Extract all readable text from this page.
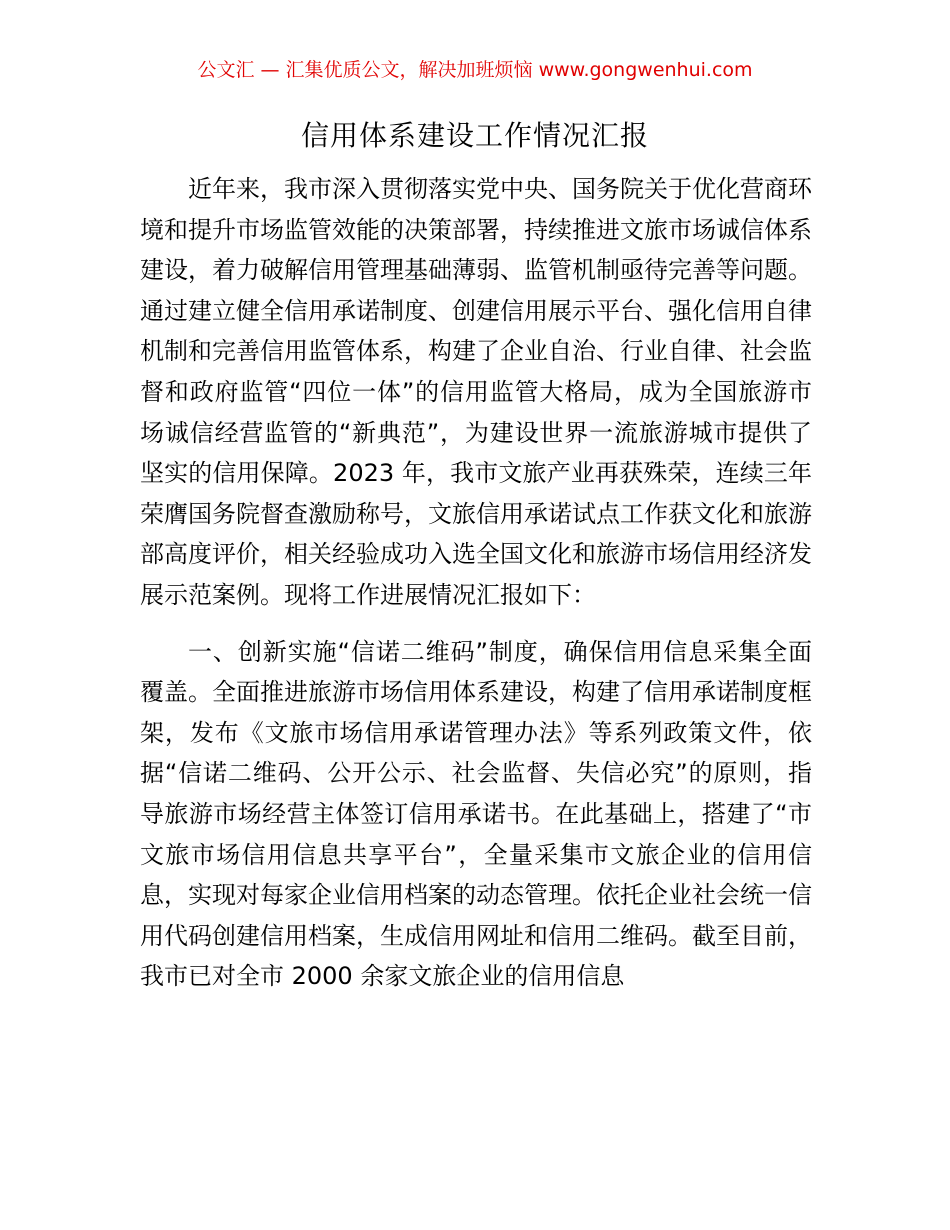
公文汇 — 汇集优质公文，解决加班烦恼 www.gongwenhui.com
信用体系建设工作情况汇报

近年来，我市深入贯彻落实党中央、国务院关于优化营商环境和提升市场监管效能的决策部署，持续推进文旅市场诚信体系建设，着力破解信用管理基础薄弱、监管机制亟待完善等问题。通过建立健全信用承诺制度、创建信用展示平台、强化信用自律机制和完善信用监管体系，构建了企业自治、行业自律、社会监督和政府监管“四位一体”的信用监管大格局，成为全国旅游市场诚信经营监管的“新典范”，为建设世界一流旅游城市提供了坚实的信用保障。2023 年，我市文旅产业再获殊荣，连续三年荣膺国务院督查激励称号，文旅信用承诺试点工作获文化和旅游部高度评价，相关经验成功入选全国文化和旅游市场信用经济发展示范案例。现将工作进展情况汇报如下：

一、创新实施“信诺二维码”制度，确保信用信息采集全面覆盖。全面推进旅游市场信用体系建设，构建了信用承诺制度框架，发布《文旅市场信用承诺管理办法》等系列政策文件，依据“信诺二维码、公开公示、社会监督、失信必究”的原则，指导旅游市场经营主体签订信用承诺书。在此基础上，搭建了“市文旅市场信用信息共享平台”，全量采集市文旅企业的信用信息，实现对每家企业信用档案的动态管理。依托企业社会统一信用代码创建信用档案，生成信用网址和信用二维码。截至目前，我市已对全市 2000 余家文旅企业的信用信息
